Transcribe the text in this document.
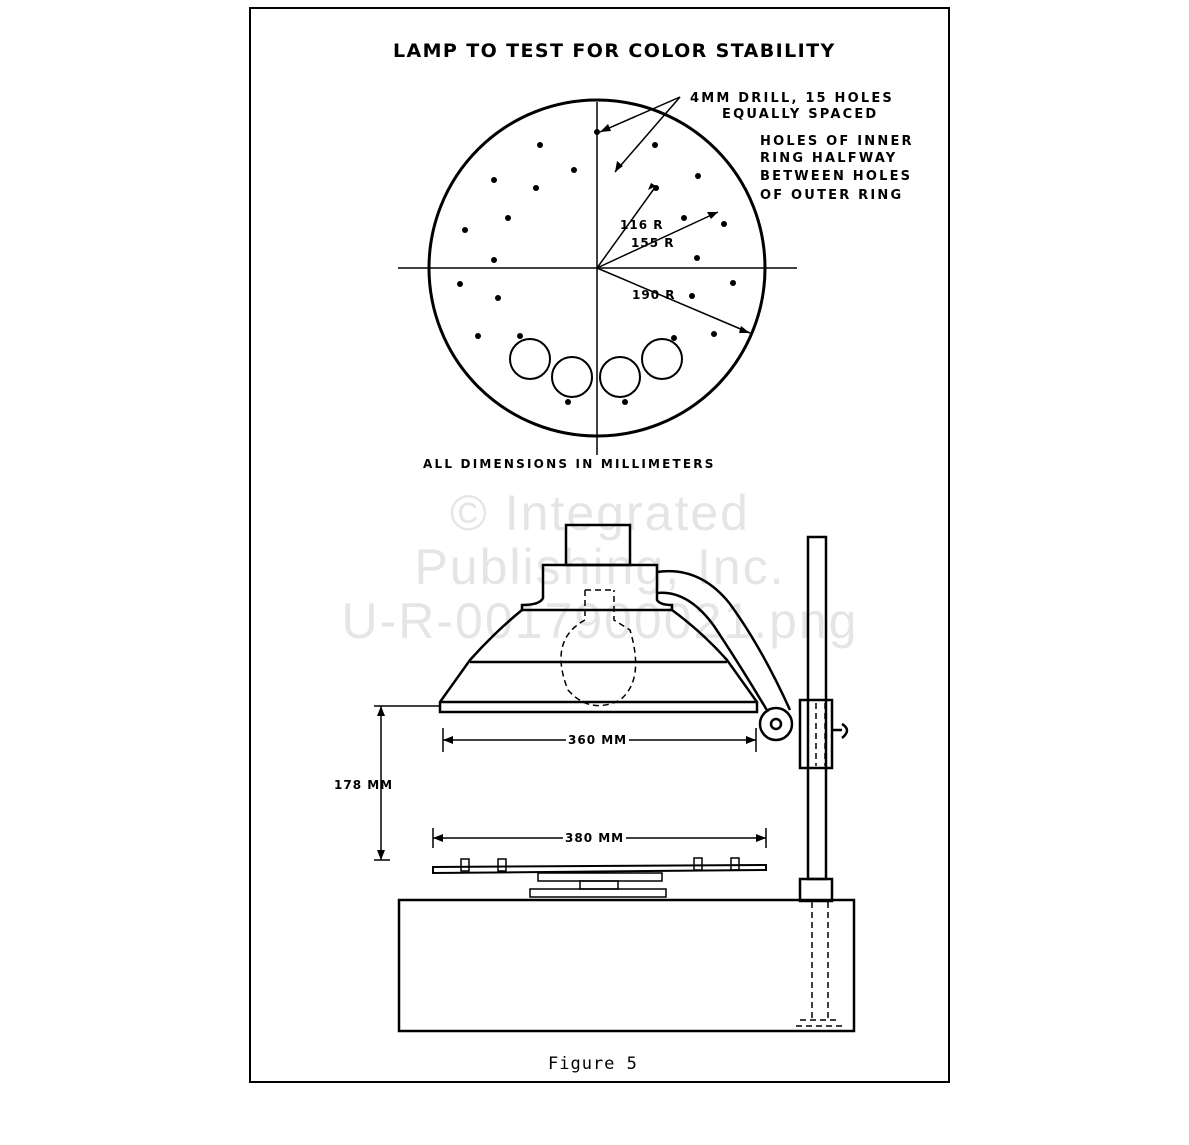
LAMP TO TEST FOR COLOR STABILITY
4MM DRILL, 15 HOLES
EQUALLY SPACED
HOLES OF INNER
RING HALFWAY
BETWEEN HOLES
OF OUTER RING
116 R
155 R
190 R
ALL DIMENSIONS IN MILLIMETERS
360 MM
178 MM
380 MM
Figure 5
© Integrated
Publishing, Inc.
U-R-0017900021.png
